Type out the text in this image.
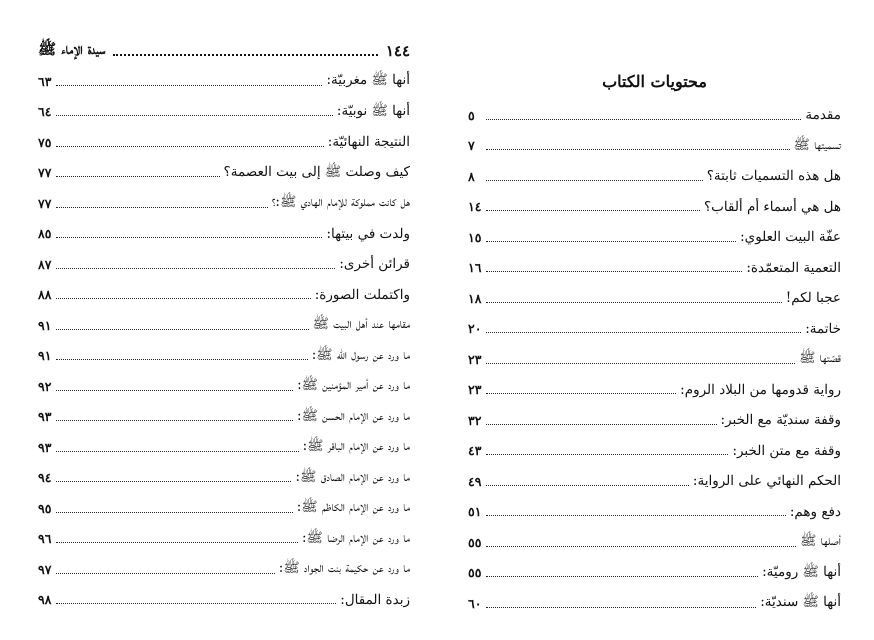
١٤٤
سيدة الإماء ﷺ
أنها ﷺ مغربيّة:
٦٣
أنها ﷺ نوبيّة:
٦٤
النتيجة النهائيّة:
٧٥
كيف وصلت ﷺ إلى بيت العصمة؟
٧٧
هل كانت مملوكة للإمام الهادي ﷺ:؟
٧٧
ولدت في بيتها:
٨٥
قرائن أخرى:
٨٧
واكتملت الصورة:
٨٨
مقامها عند أهل البيت ﷺ
٩١
ما ورد عن رسول الله ﷺ:
٩١
ما ورد عن أمير المؤمنين ﷺ:
٩٢
ما ورد عن الإمام الحسن ﷺ:
٩٣
ما ورد عن الإمام الباقر ﷺ:
٩٣
ما ورد عن الإمام الصادق ﷺ:
٩٤
ما ورد عن الإمام الكاظم ﷺ:
٩٥
ما ورد عن الإمام الرضا ﷺ:
٩٦
ما ورد عن حكيمة بنت الجواد ﷺ:
٩٧
زبدة المقال:
٩٨
محتويات الكتاب
مقدمة
٥
تسميتها ﷺ
٧
هل هذه التسميات ثابتة؟
٨
هل هي أسماء أم ألقاب؟
١٤
عفّة البيت العلوي:
١٥
التعمية المتعمّدة:
١٦
عجبا لكم!
١٨
خاتمة:
٢٠
قصّتها ﷺ
٢٣
رواية قدومها من البلاد الروم:
٢٣
وقفة سنديّة مع الخبر:
٣٢
وقفة مع متن الخبر:
٤٣
الحكم النهائي على الرواية:
٤٩
دفع وهم:
٥١
أصلها ﷺ
٥٥
أنها ﷺ روميّة:
٥٥
أنها ﷺ سنديّة:
٦٠
